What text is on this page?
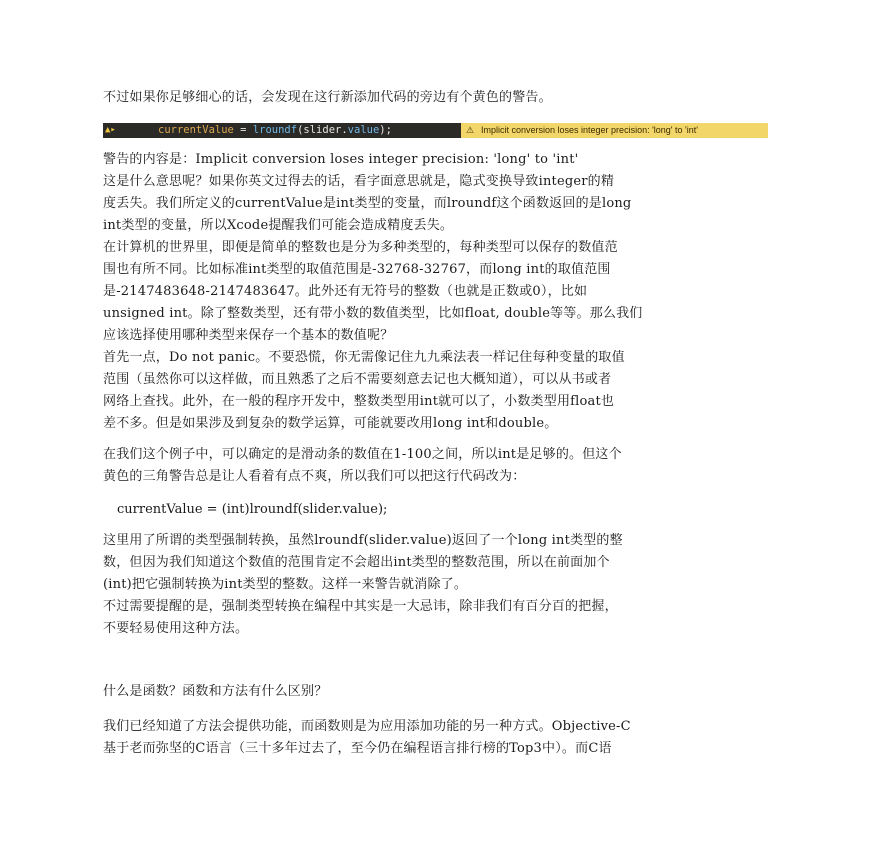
不过如果你足够细心的话，会发现在这行新添加代码的旁边有个黄色的警告。
▲▸	currentValue = lroundf(slider.value);	⚠ Implicit conversion loses integer precision: 'long' to 'int'
警告的内容是：Implicit conversion loses integer precision: 'long' to 'int'
这是什么意思呢？如果你英文过得去的话，看字面意思就是，隐式变换导致integer的精
度丢失。我们所定义的currentValue是int类型的变量，而lroundf这个函数返回的是long
int类型的变量，所以Xcode提醒我们可能会造成精度丢失。
在计算机的世界里，即便是简单的整数也是分为多种类型的，每种类型可以保存的数值范
围也有所不同。比如标准int类型的取值范围是-32768-32767，而long int的取值范围
是-2147483648-2147483647。此外还有无符号的整数（也就是正数或0），比如
unsigned int。除了整数类型，还有带小数的数值类型，比如float, double等等。那么我们
应该选择使用哪种类型来保存一个基本的数值呢？
首先一点，Do not panic。不要恐慌，你无需像记住九九乘法表一样记住每种变量的取值
范围（虽然你可以这样做，而且熟悉了之后不需要刻意去记也大概知道），可以从书或者
网络上查找。此外，在一般的程序开发中，整数类型用int就可以了，小数类型用float也
差不多。但是如果涉及到复杂的数学运算，可能就要改用long int和double。
在我们这个例子中，可以确定的是滑动条的数值在1-100之间，所以int是足够的。但这个
黄色的三角警告总是让人看着有点不爽，所以我们可以把这行代码改为：
currentValue = (int)lroundf(slider.value);
这里用了所谓的类型强制转换，虽然lroundf(slider.value)返回了一个long int类型的整
数，但因为我们知道这个数值的范围肯定不会超出int类型的整数范围，所以在前面加个
(int)把它强制转换为int类型的整数。这样一来警告就消除了。
不过需要提醒的是，强制类型转换在编程中其实是一大忌讳，除非我们有百分百的把握，
不要轻易使用这种方法。
什么是函数？函数和方法有什么区别？
我们已经知道了方法会提供功能，而函数则是为应用添加功能的另一种方式。Objective-C
基于老而弥坚的C语言（三十多年过去了，至今仍在编程语言排行榜的Top3中）。而C语
